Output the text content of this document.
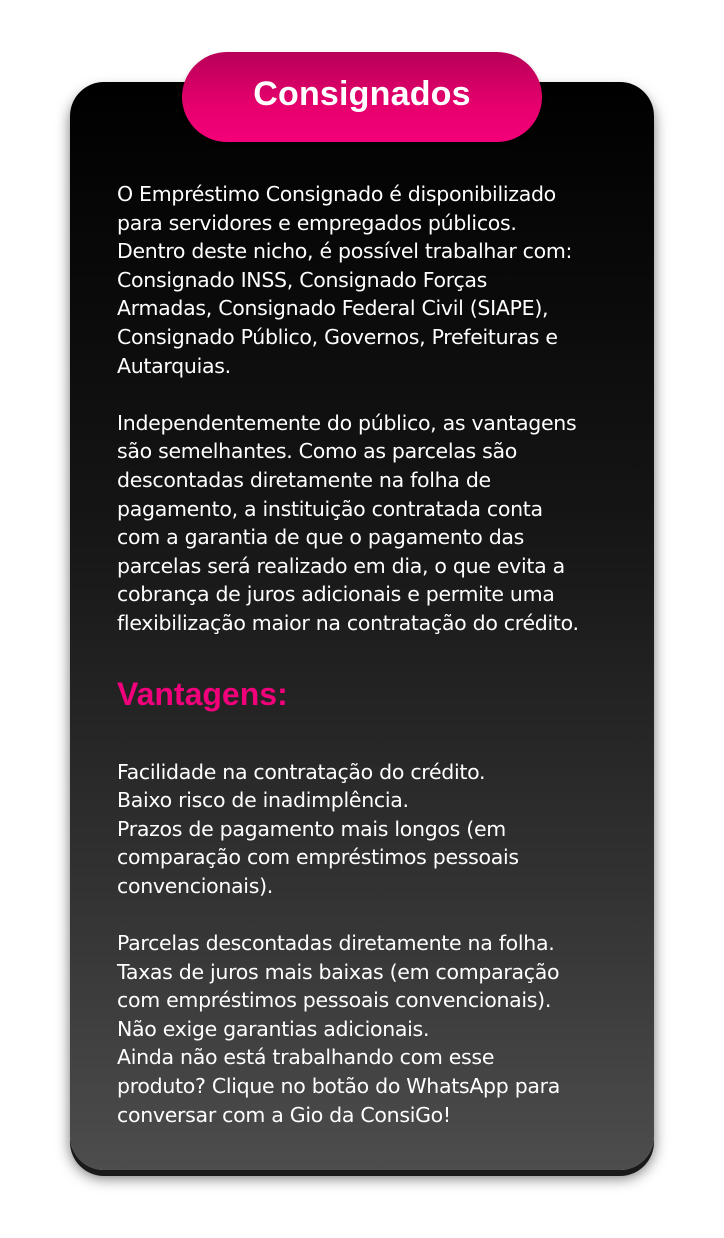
Consignados

O Empréstimo Consignado é disponibilizado
para servidores e empregados públicos.
Dentro deste nicho, é possível trabalhar com:
Consignado INSS, Consignado Forças
Armadas, Consignado Federal Civil (SIAPE),
Consignado Público, Governos, Prefeituras e
Autarquias.

Independentemente do público, as vantagens
são semelhantes. Como as parcelas são
descontadas diretamente na folha de
pagamento, a instituição contratada conta
com a garantia de que o pagamento das
parcelas será realizado em dia, o que evita a
cobrança de juros adicionais e permite uma
flexibilização maior na contratação do crédito.

Vantagens:

Facilidade na contratação do crédito.
Baixo risco de inadimplência.
Prazos de pagamento mais longos (em
comparação com empréstimos pessoais
convencionais).

Parcelas descontadas diretamente na folha.
Taxas de juros mais baixas (em comparação
com empréstimos pessoais convencionais).
Não exige garantias adicionais.
Ainda não está trabalhando com esse
produto? Clique no botão do WhatsApp para
conversar com a Gio da ConsiGo!
